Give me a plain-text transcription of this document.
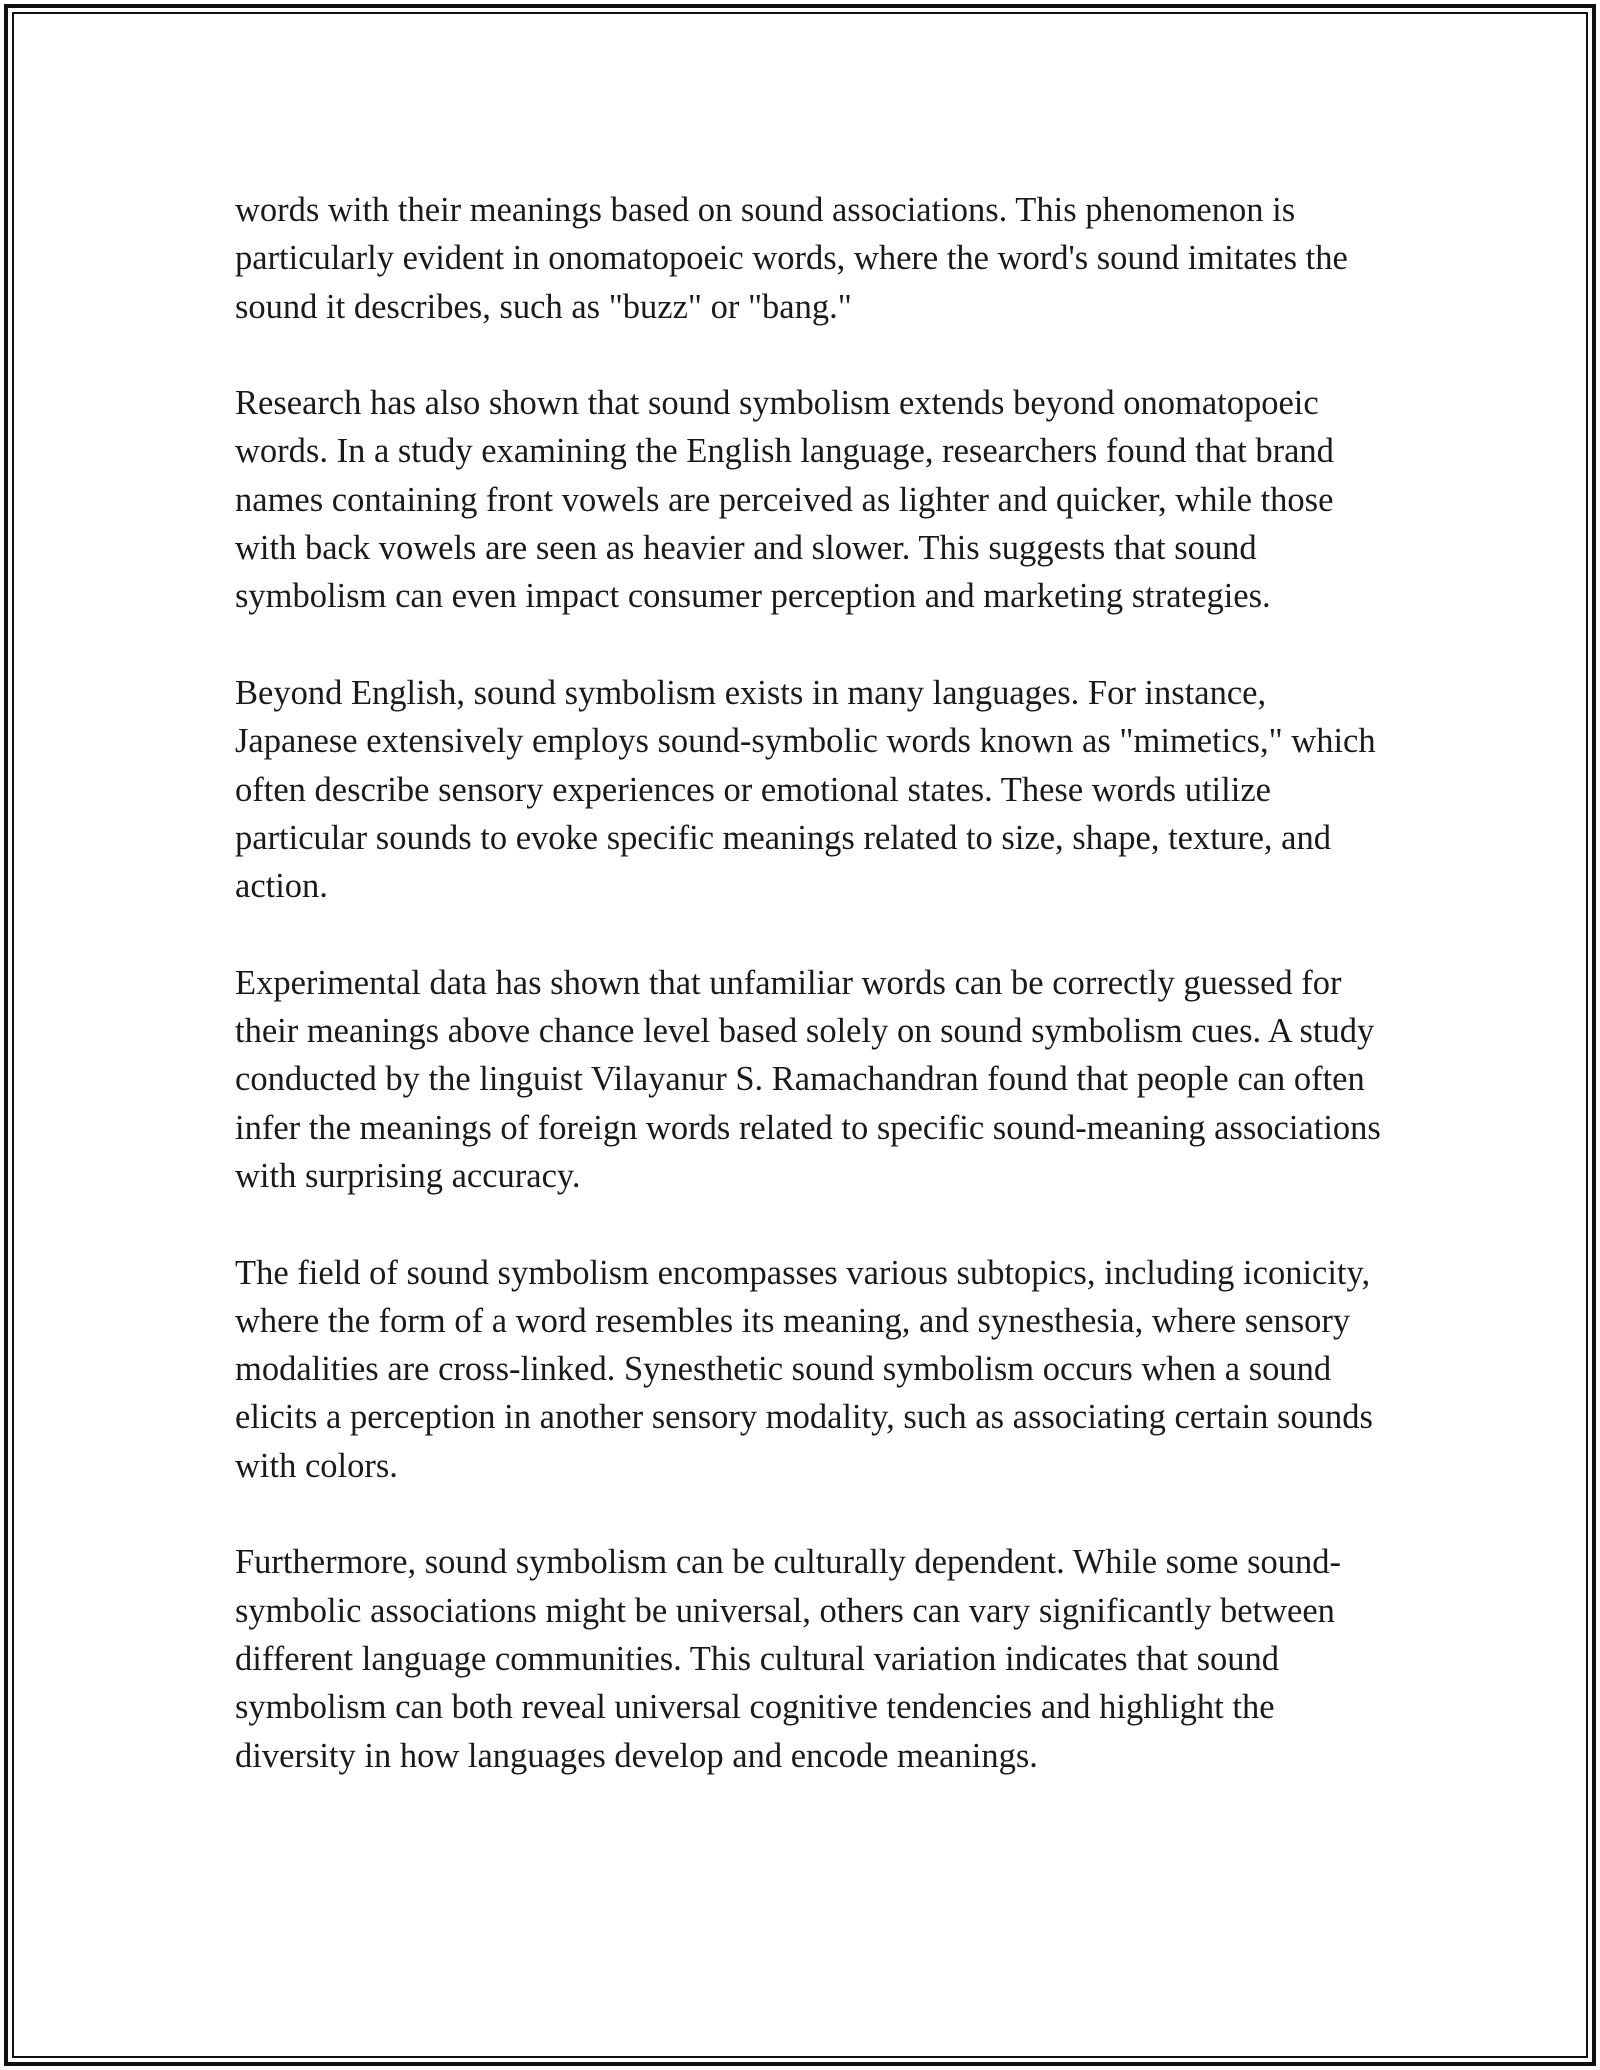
words with their meanings based on sound associations. This phenomenon is particularly evident in onomatopoeic words, where the word's sound imitates the sound it describes, such as "buzz" or "bang."

Research has also shown that sound symbolism extends beyond onomatopoeic words. In a study examining the English language, researchers found that brand names containing front vowels are perceived as lighter and quicker, while those with back vowels are seen as heavier and slower. This suggests that sound symbolism can even impact consumer perception and marketing strategies.

Beyond English, sound symbolism exists in many languages. For instance, Japanese extensively employs sound-symbolic words known as "mimetics," which often describe sensory experiences or emotional states. These words utilize particular sounds to evoke specific meanings related to size, shape, texture, and action.

Experimental data has shown that unfamiliar words can be correctly guessed for their meanings above chance level based solely on sound symbolism cues. A study conducted by the linguist Vilayanur S. Ramachandran found that people can often infer the meanings of foreign words related to specific sound-meaning associations with surprising accuracy.

The field of sound symbolism encompasses various subtopics, including iconicity, where the form of a word resembles its meaning, and synesthesia, where sensory modalities are cross-linked. Synesthetic sound symbolism occurs when a sound elicits a perception in another sensory modality, such as associating certain sounds with colors.

Furthermore, sound symbolism can be culturally dependent. While some sound-symbolic associations might be universal, others can vary significantly between different language communities. This cultural variation indicates that sound symbolism can both reveal universal cognitive tendencies and highlight the diversity in how languages develop and encode meanings.
